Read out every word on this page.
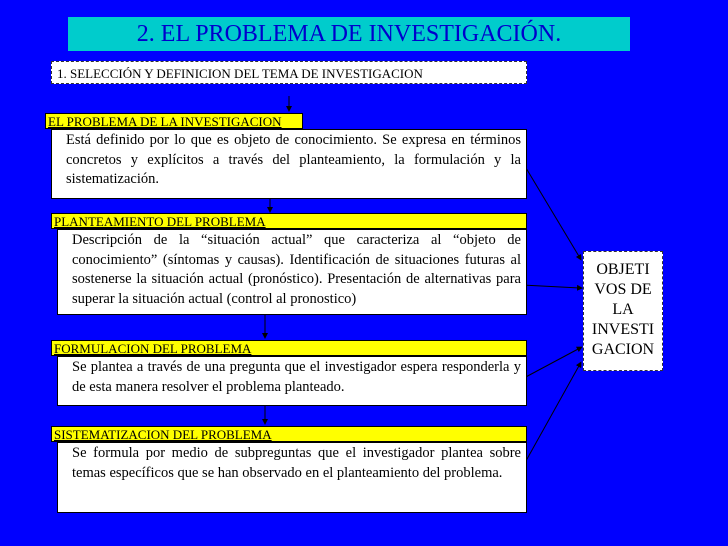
2. EL PROBLEMA DE INVESTIGACIÓN.
1. SELECCIÓN Y DEFINICION DEL TEMA DE INVESTIGACION
EL PROBLEMA DE LA INVESTIGACION
Está definido por lo que es objeto de conocimiento. Se expresa en términos concretos y explícitos a través del planteamiento, la formulación y la sistematización.
PLANTEAMIENTO DEL PROBLEMA
Descripción de la “situación actual” que caracteriza al “objeto de conocimiento” (síntomas y causas). Identificación de situaciones futuras al sostenerse la situación actual (pronóstico). Presentación de alternativas para superar la situación actual (control al pronostico)
FORMULACION DEL PROBLEMA
Se plantea a través de una pregunta que el investigador espera responderla y de esta manera resolver el problema planteado.
SISTEMATIZACION DEL PROBLEMA
Se formula por medio de subpreguntas que el investigador plantea sobre temas específicos que se han observado en el planteamiento del problema.
OBJETI
VOS DE
LA
INVESTI
GACION
